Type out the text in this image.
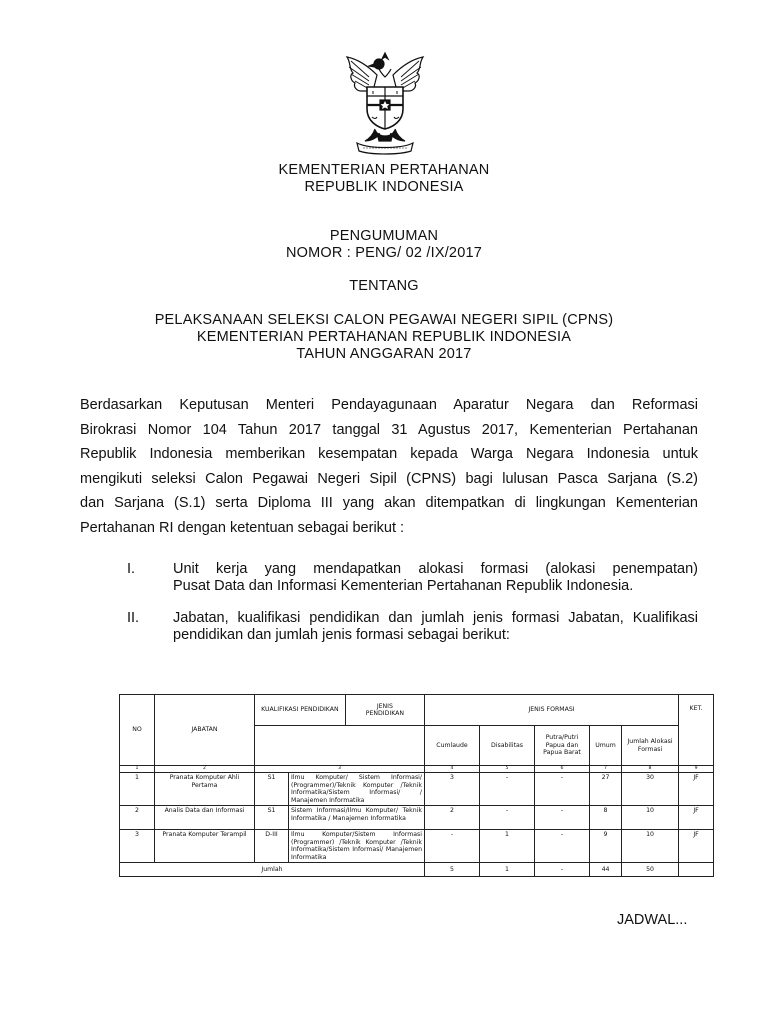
KEMENTERIAN PERTAHANAN
REPUBLIK INDONESIA
PENGUMUMAN
NOMOR : PENG/ 02 /IX/2017
TENTANG
PELAKSANAAN SELEKSI CALON PEGAWAI NEGERI SIPIL (CPNS)
KEMENTERIAN PERTAHANAN REPUBLIK INDONESIA
TAHUN ANGGARAN 2017
Berdasarkan Keputusan Menteri Pendayagunaan Aparatur Negara dan Reformasi
Birokrasi Nomor 104 Tahun 2017 tanggal 31 Agustus 2017, Kementerian Pertahanan
Republik Indonesia memberikan kesempatan kepada Warga Negara Indonesia untuk
mengikuti seleksi Calon Pegawai Negeri Sipil (CPNS) bagi lulusan Pasca Sarjana (S.2)
dan Sarjana (S.1) serta Diploma III yang akan ditempatkan di lingkungan Kementerian
Pertahanan RI dengan ketentuan sebagai berikut :
I.	Unit kerja yang mendapatkan alokasi formasi (alokasi penempatan)
Pusat Data dan Informasi Kementerian Pertahanan Republik Indonesia.
II. Jabatan, kualifikasi pendidikan dan jumlah jenis formasi Jabatan, Kualifikasi
pendidikan dan jumlah jenis formasi sebagai berikut:
NO	JABATAN	KUALIFIKASI PENDIDIKAN
JENIS PENDIDIKAN		JENIS FORMASI					KET.
				Cumlaude	Disabilitas	Putra/Putri Papua dan Papua Barat	Umum	Jumlah Alokasi Formasi	
1	2	3		4	5	6	7	8	9
1	Pranata Komputer Ahli Pertama	S1	Ilmu Komputer/ Sistem Informasi/ (Programmer)/Teknik Komputer /Teknik Informatika/Sistem Informasi/ / Manajemen Informatika	3	-	-	27	30	JF
2	Analis Data dan Informasi	S1	Sistem Informasi/Ilmu Komputer/ Teknik Informatika / Manajemen Informatika	2	-	-	8	10	JF
3	Pranata Komputer Terampil	D-III	Ilmu Komputer/Sistem Informasi (Programmer) /Teknik Komputer /Teknik Informatika/Sistem Informasi/ Manajemen Informatika	-	1	-	9	10	JF
Jumlah				5	1	-	44	50	
JADWAL...
